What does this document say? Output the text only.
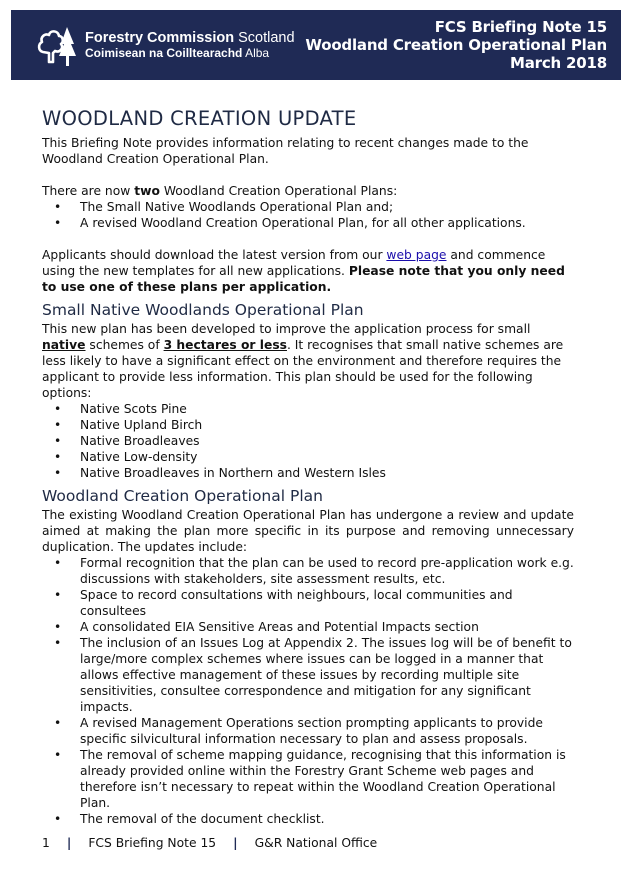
Forestry Commission Scotland
Coimisean na Coilltearachd Alba
FCS Briefing Note 15
Woodland Creation Operational Plan
March 2018
WOODLAND CREATION UPDATE

This Briefing Note provides information relating to recent changes made to the Woodland Creation Operational Plan.

There are now two Woodland Creation Operational Plans:

• The Small Native Woodlands Operational Plan and;
• A revised Woodland Creation Operational Plan, for all other applications.

Applicants should download the latest version from our web page and commence using the new templates for all new applications. Please note that you only need to use one of these plans per application.

Small Native Woodlands Operational Plan

This new plan has been developed to improve the application process for small native schemes of 3 hectares or less. It recognises that small native schemes are less likely to have a significant effect on the environment and therefore requires the applicant to provide less information. This plan should be used for the following options:

• Native Scots Pine
• Native Upland Birch
• Native Broadleaves
• Native Low-density
• Native Broadleaves in Northern and Western Isles
Woodland Creation Operational Plan

The existing Woodland Creation Operational Plan has undergone a review and update aimed at making the plan more specific in its purpose and removing unnecessary duplication. The updates include:

• Formal recognition that the plan can be used to record pre-application work e.g. discussions with stakeholders, site assessment results, etc.
• Space to record consultations with neighbours, local communities and consultees
• A consolidated EIA Sensitive Areas and Potential Impacts section
• The inclusion of an Issues Log at Appendix 2. The issues log will be of benefit to large/more complex schemes where issues can be logged in a manner that allows effective management of these issues by recording multiple site sensitivities, consultee correspondence and mitigation for any significant impacts.
• A revised Management Operations section prompting applicants to provide specific silvicultural information necessary to plan and assess proposals.
• The removal of scheme mapping guidance, recognising that this information is already provided online within the Forestry Grant Scheme web pages and therefore isn’t necessary to repeat within the Woodland Creation Operational Plan.
• The removal of the document checklist.
1 | FCS Briefing Note 15 | G&R National Office
